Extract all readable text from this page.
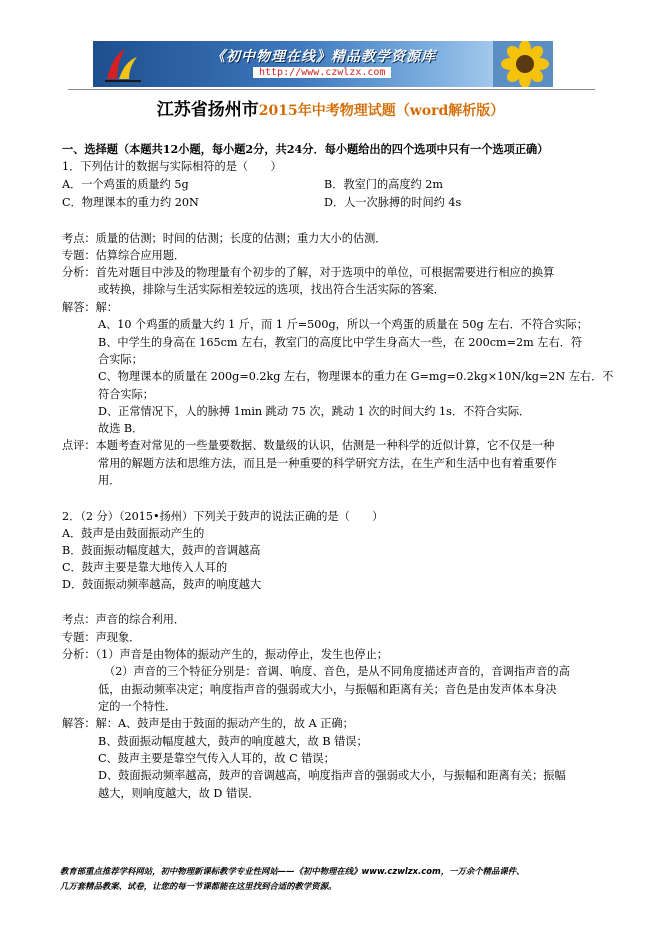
《初中物理在线》精品教学资源库
http://www.czwlzx.com
江苏省扬州市2015年中考物理试题（word解析版）
一、选择题（本题共12小题，每小题2分，共24分．每小题给出的四个选项中只有一个选项正确）
1．下列估计的数据与实际相符的是（　　）
A．一个鸡蛋的质量约 5g	B．教室门的高度约 2m
C．物理课本的重力约 20N	D．人一次脉搏的时间约 4s
考点：质量的估测；时间的估测；长度的估测；重力大小的估测．
专题：估算综合应用题．
分析：首先对题目中涉及的物理量有个初步的了解，对于选项中的单位，可根据需要进行相应的换算
或转换，排除与生活实际相差较远的选项，找出符合生活实际的答案．
解答：解：
A、10 个鸡蛋的质量大约 1 斤，而 1 斤=500g，所以一个鸡蛋的质量在 50g 左右．不符合实际；
B、中学生的身高在 165cm 左右，教室门的高度比中学生身高大一些，在 200cm=2m 左右．符
合实际；
C、物理课本的质量在 200g=0.2kg 左右，物理课本的重力在 G=mg=0.2kg×10N/kg=2N 左右．不
符合实际；
D、正常情况下，人的脉搏 1min 跳动 75 次，跳动 1 次的时间大约 1s．不符合实际．
故选 B．
点评：本题考查对常见的一些量要数据、数量级的认识，估测是一种科学的近似计算，它不仅是一种
常用的解题方法和思维方法，而且是一种重要的科学研究方法，在生产和生活中也有着重要作
用．
2．（2 分）（2015•扬州）下列关于鼓声的说法正确的是（　　）
A．鼓声是由鼓面振动产生的
B．鼓面振动幅度越大，鼓声的音调越高
C．鼓声主要是靠大地传入人耳的
D．鼓面振动频率越高，鼓声的响度越大
考点：声音的综合利用．
专题：声现象．
分析：（1）声音是由物体的振动产生的，振动停止，发生也停止；
（2）声音的三个特征分别是：音调、响度、音色，是从不同角度描述声音的，音调指声音的高
低，由振动频率决定；响度指声音的强弱或大小，与振幅和距离有关；音色是由发声体本身决
定的一个特性．
解答：解：A、鼓声是由于鼓面的振动产生的，故 A 正确；
B、鼓面振动幅度越大，鼓声的响度越大，故 B 错误；
C、鼓声主要是靠空气传入人耳的，故 C 错误；
D、鼓面振动频率越高，鼓声的音调越高，响度指声音的强弱或大小，与振幅和距离有关；振幅
越大，则响度越大，故 D 错误．
教育部重点推荐学科网站，初中物理新课标教学专业性网站——《初中物理在线》www.czwlzx.com，一万余个精品课件、
几万套精品教案、试卷，让您的每一节课都能在这里找到合适的教学资源。
